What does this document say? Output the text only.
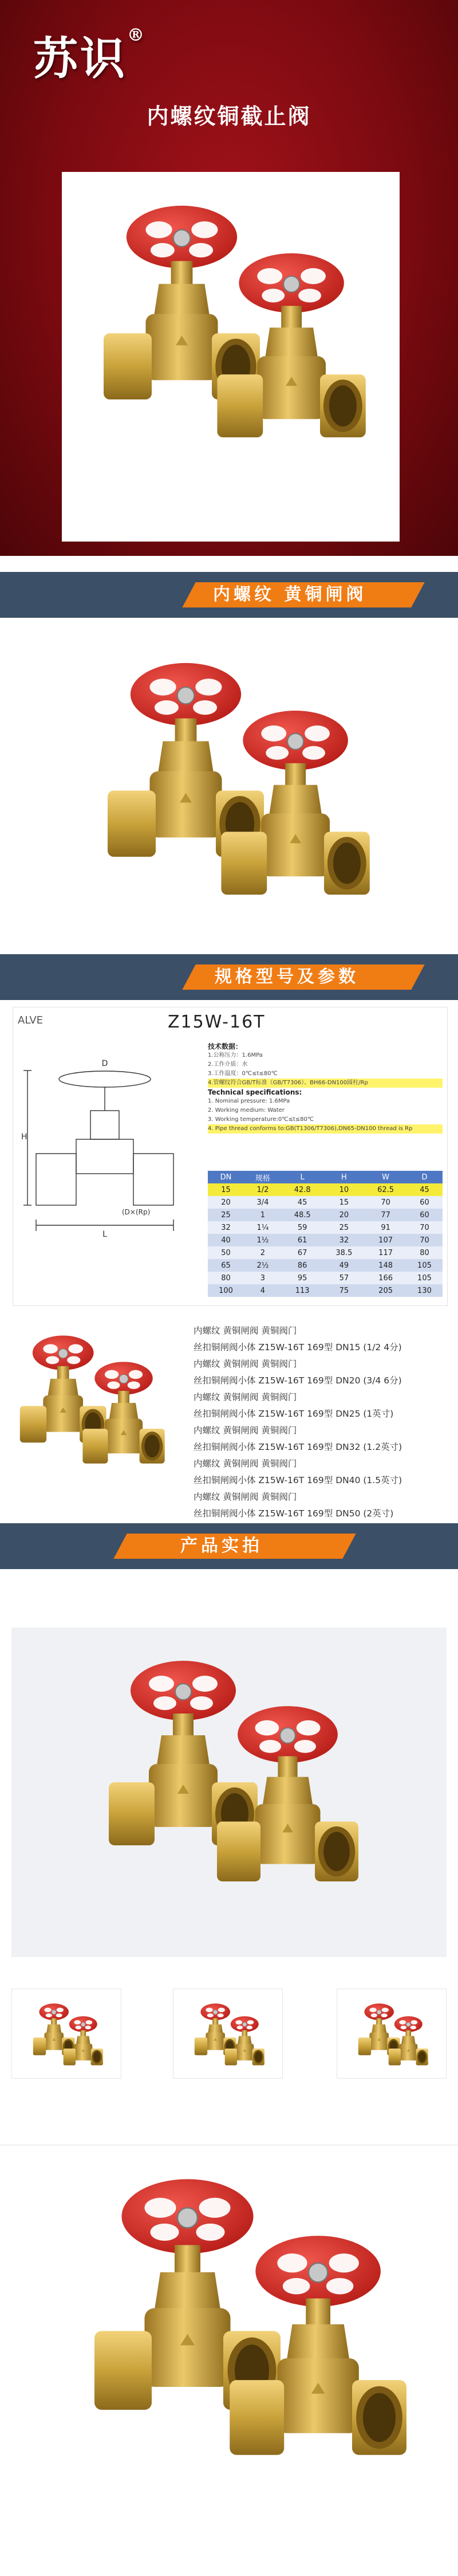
苏识®
内螺纹铜截止阀
内螺纹 黄铜闸阀
规格型号及参数
ALVE	Z15W-16T
L
H
D
(D×(Rp)
技术数据：
1.公称压力：1.6MPa
2.工作介质：水
3.工作温度：0℃≤t≤80℃
4.管螺纹符合GB/T标准（GB/T7306）、BH66-DN100圆柱/Rp
Technical specifications:
1. Nominal pressure: 1.6MPa
2. Working medium: Water
3. Working temperature:0℃≤t≤80℃
4. Pipe thread conforms to:GB(T1306/T7306),DN65-DN100 thread is Rp
DN	规格	L	H	W	D
15	1/2	42.8	10	62.5	45
20	3/4	45	15	70	60
25	1	48.5	20	77	60
32	1¼	59	25	91	70
40	1½	61	32	107	70
50	2	67	38.5	117	80
65	2½	86	49	148	105
80	3	95	57	166	105
100	4	113	75	205	130
内螺纹 黄铜闸阀 黄铜阀门
丝扣铜闸阀小体 Z15W-16T 169型 DN15 (1/2 4分)
内螺纹 黄铜闸阀 黄铜阀门
丝扣铜闸阀小体 Z15W-16T 169型 DN20 (3/4 6分)
内螺纹 黄铜闸阀 黄铜阀门
丝扣铜闸阀小体 Z15W-16T 169型 DN25 (1英寸)
内螺纹 黄铜闸阀 黄铜阀门
丝扣铜闸阀小体 Z15W-16T 169型 DN32 (1.2英寸)
内螺纹 黄铜闸阀 黄铜阀门
丝扣铜闸阀小体 Z15W-16T 169型 DN40 (1.5英寸)
内螺纹 黄铜闸阀 黄铜阀门
丝扣铜闸阀小体 Z15W-16T 169型 DN50 (2英寸)
产品实拍
